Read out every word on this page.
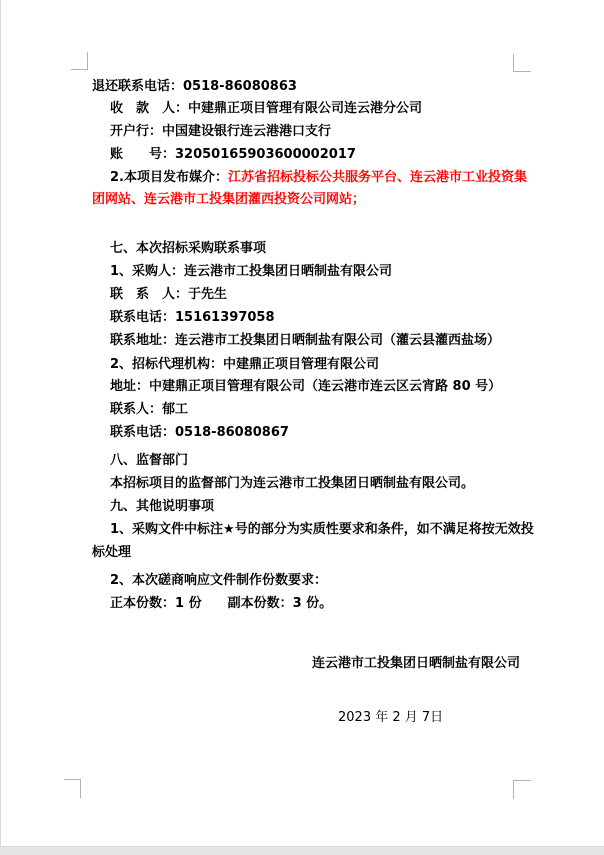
退还联系电话：0518-86080863
收　款　人：中建鼎正项目管理有限公司连云港分公司
开户行：中国建设银行连云港港口支行
账　　号：32050165903600002017
2.本项目发布媒介：江苏省招标投标公共服务平台、连云港市工业投资集
团网站、连云港市工投集团灌西投资公司网站；
七、本次招标采购联系事项
1、采购人：连云港市工投集团日晒制盐有限公司
联　系　人：于先生
联系电话：15161397058
联系地址：连云港市工投集团日晒制盐有限公司（灌云县灌西盐场）
2、招标代理机构：中建鼎正项目管理有限公司
地址：中建鼎正项目管理有限公司（连云港市连云区云宵路 80 号）
联系人：郁工
联系电话：0518-86080867
八、监督部门
本招标项目的监督部门为连云港市工投集团日晒制盐有限公司。
九、其他说明事项
1、采购文件中标注★号的部分为实质性要求和条件，如不满足将按无效投
标处理
2、本次磋商响应文件制作份数要求：
正本份数：1 份　　副本份数：3 份。
连云港市工投集团日晒制盐有限公司
2023 年 2 月 7日
